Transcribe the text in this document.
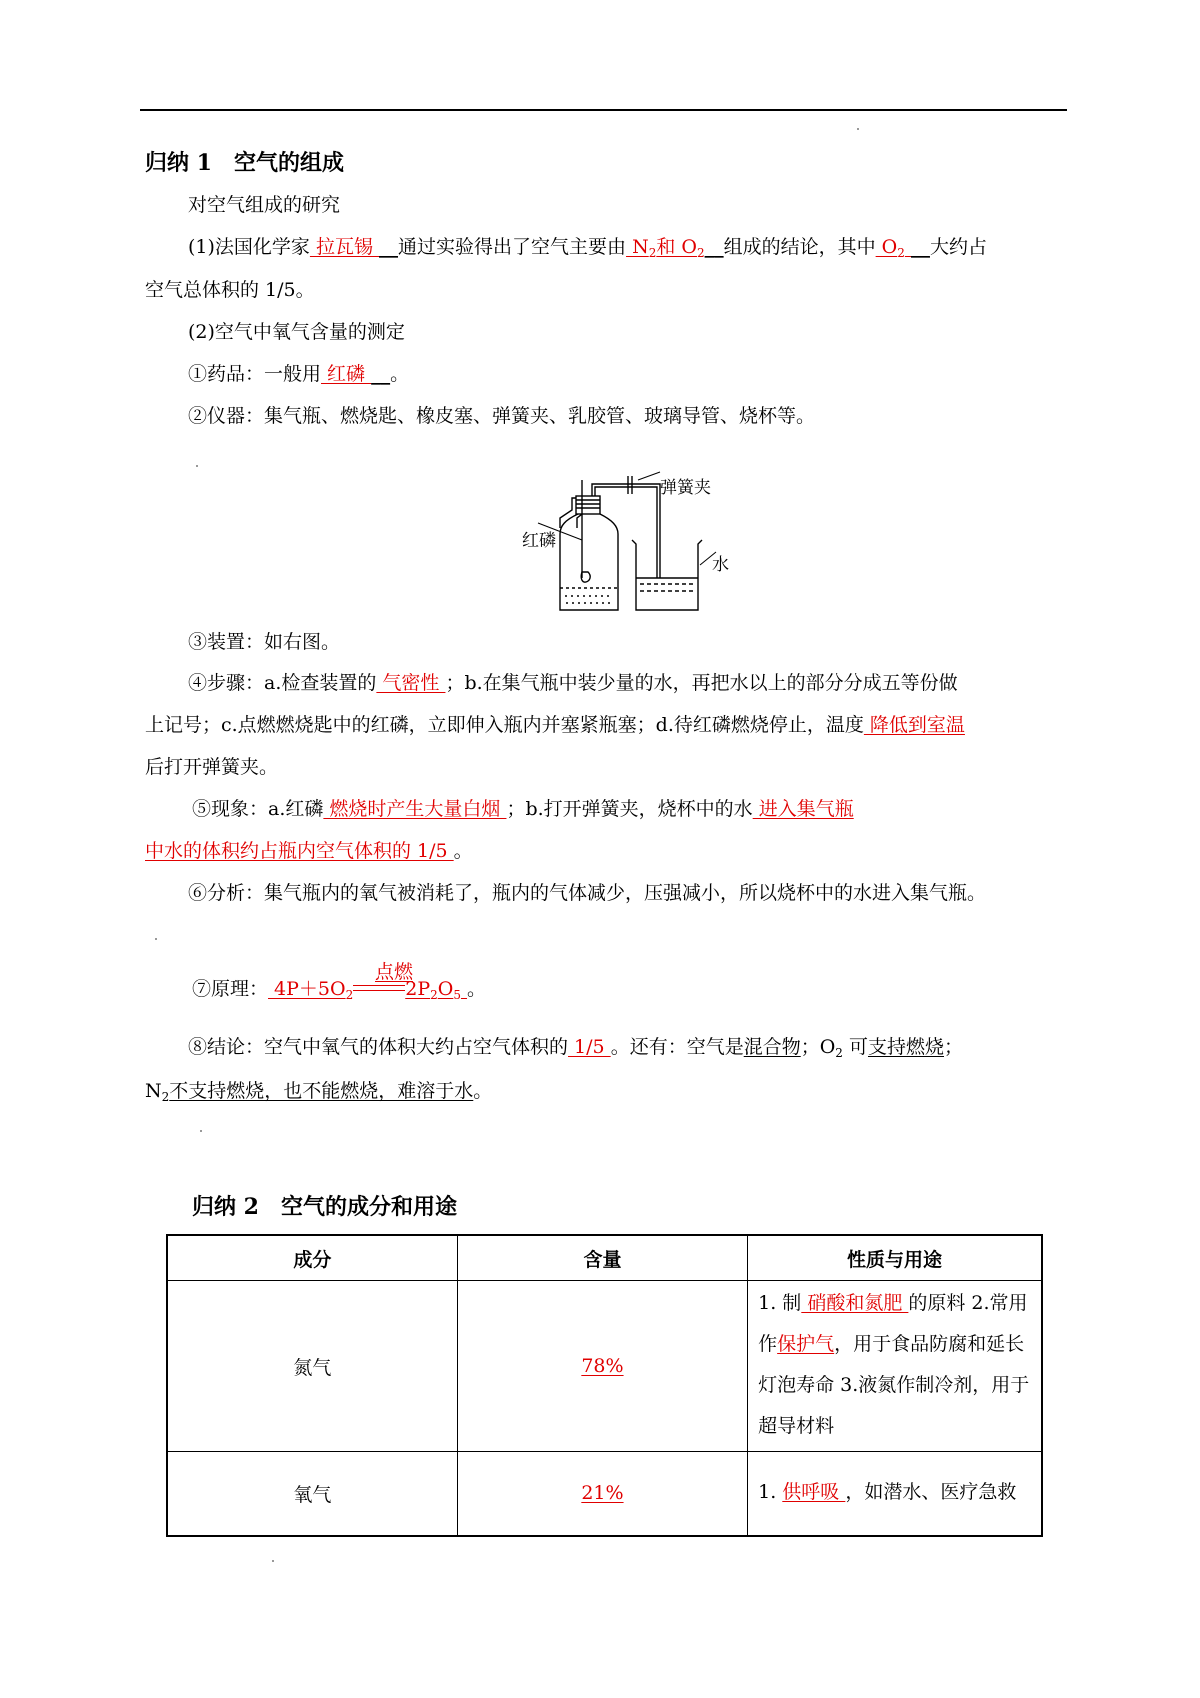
归纳 1　空气的组成
对空气组成的研究
(1)法国化学家 拉瓦锡 __通过实验得出了空气主要由 $N_2$和 $O_2\_\_$组成的结论，其中 $O_2$ __大约占
空气总体积的 1/5。
(2)空气中氧气含量的测定
①药品：一般用 红磷 __。
②仪器：集气瓶、燃烧匙、橡皮塞、弹簧夹、乳胶管、玻璃导管、烧杯等。
弹簧夹
红磷
水
③装置：如右图。
④步骤：a.检查装置的 气密性 ；b.在集气瓶中装少量的水，再把水以上的部分分成五等份做
上记号；c.点燃燃烧匙中的红磷，立即伸入瓶内并塞紧瓶塞；d.待红磷燃烧停止，温度 降低到室温
后打开弹簧夹。
⑤现象：a.红磷 燃烧时产生大量白烟 ；b.打开弹簧夹，烧杯中的水 进入集气瓶
中水的体积约占瓶内空气体积的 1/5 。
⑥分析：集气瓶内的氧气被消耗了，瓶内的气体减少，压强减小，所以烧杯中的水进入集气瓶。
⑦原理： $4P+5O_2$	$2P_2O_5$ 。
点燃
⑧结论：空气中氧气的体积大约占空气体积的 1/5 。还有：空气是混合物；$O_2$ 可支持燃烧；
$N_2$不支持燃烧，也不能燃烧，难溶于水。
归纳 2　空气的成分和用途
成分	含量	性质与用途
氮气	78%	1. 制 硝酸和氮肥 的原料 2.常用作保护气，用于食品防腐和延长灯泡寿命 3.液氮作制冷剂，用于超导材料
氧气	21%	1. 供呼吸 ，如潜水、医疗急救
